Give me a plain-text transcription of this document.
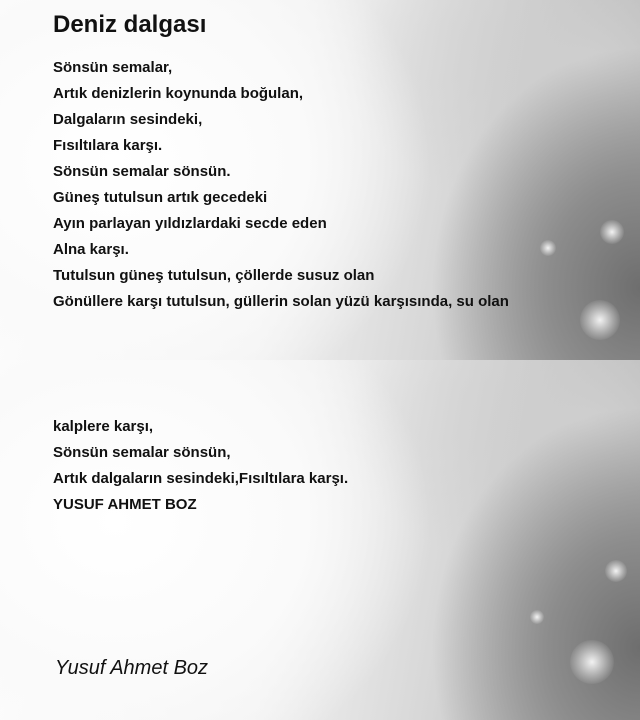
Deniz dalgası
Sönsün semalar,
Artık denizlerin koynunda boğulan,
Dalgaların sesindeki,
Fısıltılara karşı.
Sönsün semalar sönsün.
Güneş tutulsun artık gecedeki
Ayın parlayan yıldızlardaki secde eden
Alna karşı.
Tutulsun güneş tutulsun, çöllerde susuz olan
Gönüllere karşı tutulsun, güllerin solan yüzü karşısında, su olan
kalplere karşı,
Sönsün semalar sönsün,
Artık dalgaların sesindeki,Fısıltılara karşı.
YUSUF AHMET BOZ

Yusuf Ahmet Boz
